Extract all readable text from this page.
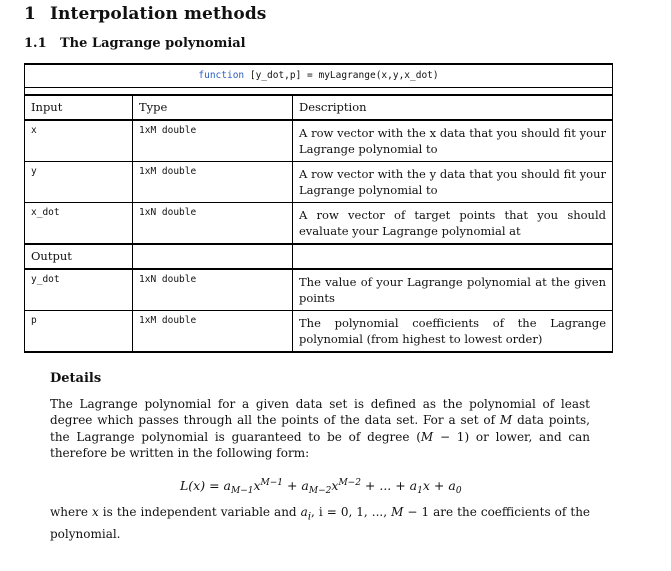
1 Interpolation methods
1.1 The Lagrange polynomial
function [y_dot,p] = myLagrange(x,y,x_dot)		

Input	Type	Description
x	1xM double	A row vector with the x data that you should fit your Lagrange polynomial to
y	1xM double	A row vector with the y data that you should fit your Lagrange polynomial to
x_dot	1xN double	A row vector of target points that you should evaluate your Lagrange polynomial at
Output		
y_dot	1xN double	The value of your Lagrange polynomial at the given points
p	1xM double	The polynomial coefficients of the Lagrange polynomial (from highest to lowest order)
Details
The Lagrange polynomial for a given data set is defined as the polynomial of least degree which passes through all the points of the data set. For a set of M data points, the Lagrange polynomial is guaranteed to be of degree (M − 1) or lower, and can therefore be written in the following form:
$L(x) = a_{M-1}x^{M-1} + a_{M-2}x^{M-2}$ + ... + $a_1x + a_0$
where x is the independent variable and $a_i$, i = 0, 1, ..., M − 1 are the coefficients of the polynomial.
